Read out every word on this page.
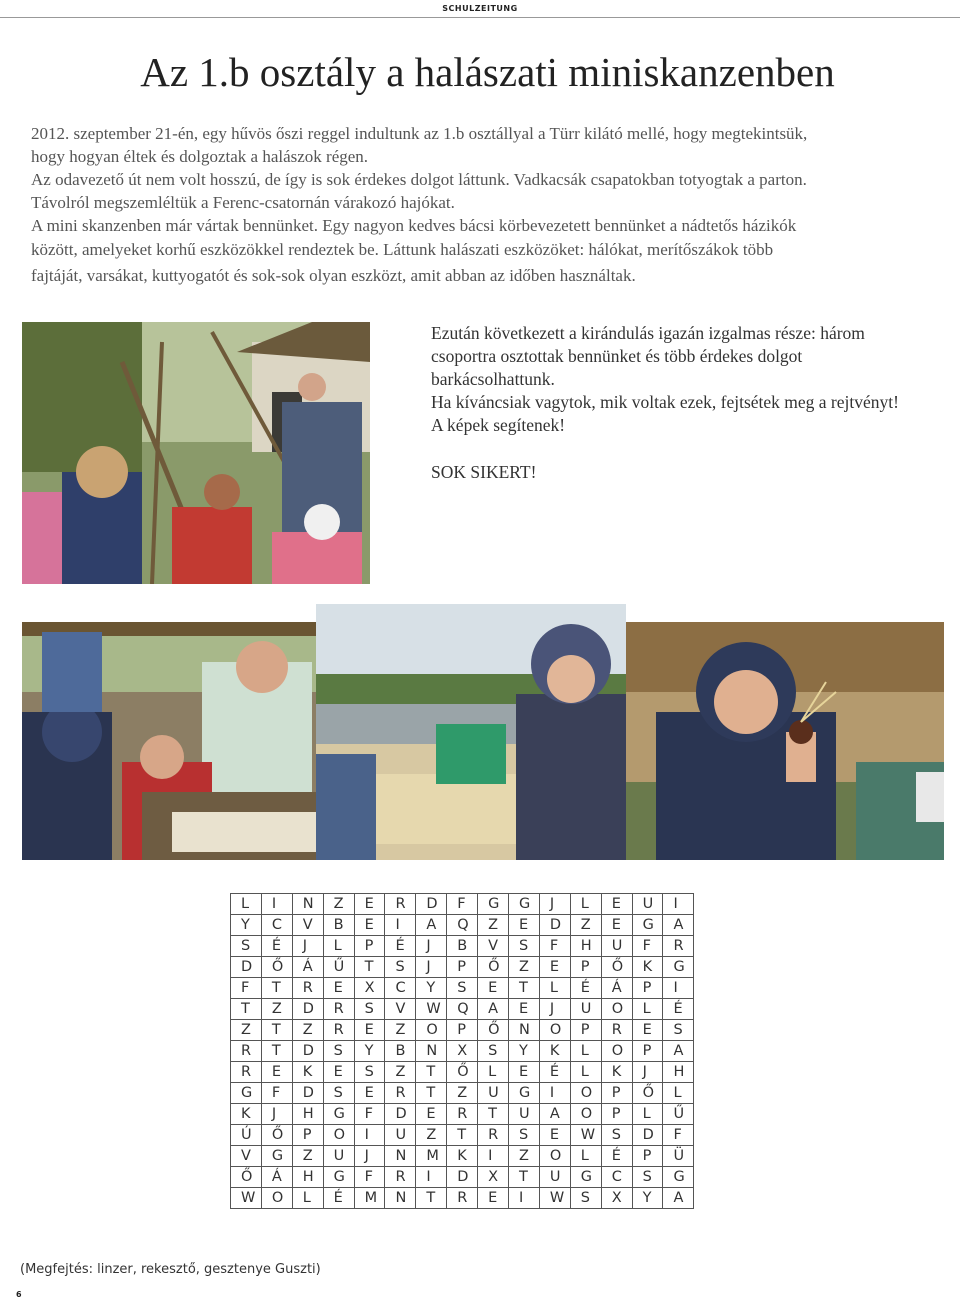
SCHULZEITUNG
Az 1.b osztály a halászati miniskanzenben
2012. szeptember 21-én, egy hűvös őszi reggel indultunk az 1.b osztállyal a Türr kilátó mellé, hogy megtekintsük,
hogy hogyan éltek és dolgoztak a halászok régen.
Az odavezető út nem volt hosszú, de így is sok érdekes dolgot láttunk. Vadkacsák csapatokban totyogtak a parton.
Távolról megszemléltük a Ferenc-csatornán várakozó hajókat.
A mini skanzenben már vártak bennünket. Egy nagyon kedves bácsi körbevezetett bennünket a nádtetős házikók
között, amelyeket korhű eszközökkel rendeztek be. Láttunk halászati eszközöket: hálókat, merítőszákok több
fajtáját, varsákat, kuttyogatót és sok-sok olyan eszközt, amit abban az időben használtak.
Ezután következett a kirándulás igazán izgalmas része: három
csoportra osztottak bennünket és több érdekes dolgot
barkácsolhattunk.
Ha kíváncsiak vagytok, mik voltak ezek, fejtsétek meg a rejtvényt!
A képek segítenek!
SOK SIKERT!
L	I	N	Z	E	R	D	F	G	G	J	L	E	U	I
Y	C	V	B	E	I	A	Q	Z	E	D	Z	E	G	A
S	É	J	L	P	É	J	B	V	S	F	H	U	F	R
D	Ő	Á	Ű	T	S	J	P	Ő	Z	E	P	Ő	K	G
F	T	R	E	X	C	Y	S	E	T	L	É	Á	P	I
T	Z	D	R	S	V	W	Q	A	E	J	U	O	L	É
Z	T	Z	R	E	Z	O	P	Ő	N	O	P	R	E	S
R	T	D	S	Y	B	N	X	S	Y	K	L	O	P	A
R	E	K	E	S	Z	T	Ő	L	E	É	L	K	J	H
G	F	D	S	E	R	T	Z	U	G	I	O	P	Ő	L
K	J	H	G	F	D	E	R	T	U	A	O	P	L	Ű
Ú	Ő	P	O	I	U	Z	T	R	S	E	W	S	D	F
V	G	Z	U	J	N	M	K	I	Z	O	L	É	P	Ü
Ő	Á	H	G	F	R	I	D	X	T	U	G	C	S	G
W	O	L	É	M	N	T	R	E	I	W	S	X	Y	A
(Megfejtés: linzer, rekesztő, gesztenye Guszti)
6
